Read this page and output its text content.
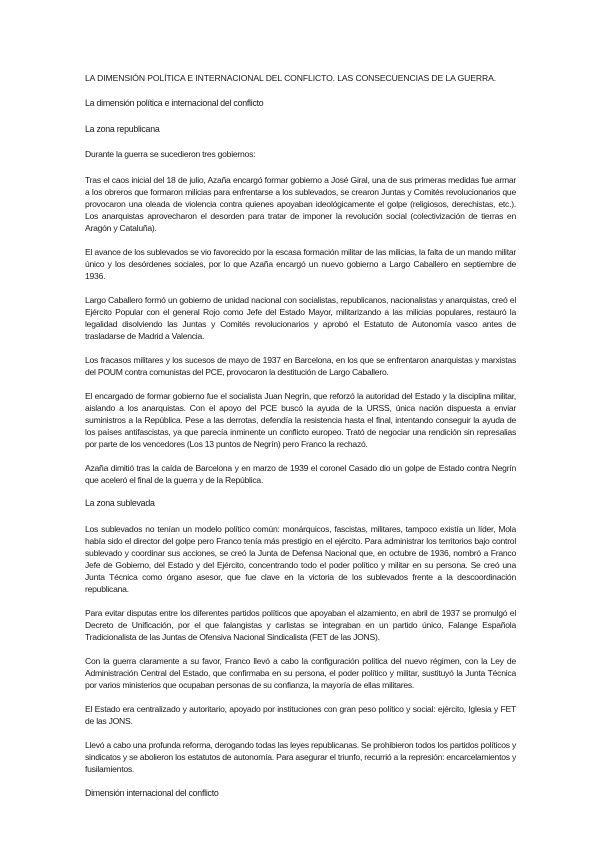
LA DIMENSIÓN POLÍTICA E INTERNACIONAL DEL CONFLICTO. LAS CONSECUENCIAS DE LA GUERRA.
La dimensión política e internacional del conflicto
La zona republicana

Durante la guerra se sucedieron tres gobiernos:

Tras el caos inicial del 18 de julio, Azaña encargó formar gobierno a José Giral, una de sus primeras medidas fue armar a los obreros que formaron milicias para enfrentarse a los sublevados, se crearon Juntas y Comités revolucionarios que provocaron una oleada de violencia contra quienes apoyaban ideológicamente el golpe (religiosos, derechistas, etc.). Los anarquistas aprovecharon el desorden para tratar de imponer la revolución social (colectivización de tierras en Aragón y Cataluña).

El avance de los sublevados se vio favorecido por la escasa formación militar de las milicias, la falta de un mando militar único y los desórdenes sociales, por lo que Azaña encargó un nuevo gobierno a Largo Caballero en septiembre de 1936.

Largo Caballero formó un gobierno de unidad nacional con socialistas, republicanos, nacionalistas y anarquistas, creó el Ejército Popular con el general Rojo como Jefe del Estado Mayor, militarizando a las milicias populares, restauró la legalidad disolviendo las Juntas y Comités revolucionarios y aprobó el Estatuto de Autonomía vasco antes de trasladarse de Madrid a Valencia.

Los fracasos militares y los sucesos de mayo de 1937 en Barcelona, en los que se enfrentaron anarquistas y marxistas del POUM contra comunistas del PCE, provocaron la destitución de Largo Caballero.

El encargado de formar gobierno fue el socialista Juan Negrín, que reforzó la autoridad del Estado y la disciplina militar, aislando a los anarquistas. Con el apoyo del PCE buscó la ayuda de la URSS, única nación dispuesta a enviar suministros a la República. Pese a las derrotas, defendía la resistencia hasta el final, intentando conseguir la ayuda de los países antifascistas, ya que parecía inminente un conflicto europeo. Trató de negociar una rendición sin represalias por parte de los vencedores (Los 13 puntos de Negrín) pero Franco la rechazó.

Azaña dimitió tras la caída de Barcelona y en marzo de 1939 el coronel Casado dio un golpe de Estado contra Negrín que aceleró el final de la guerra y de la República.

La zona sublevada

Los sublevados no tenían un modelo político común: monárquicos, fascistas, militares, tampoco existía un líder, Mola había sido el director del golpe pero Franco tenía más prestigio en el ejército. Para administrar los territorios bajo control sublevado y coordinar sus acciones, se creó la Junta de Defensa Nacional que, en octubre de 1936, nombró a Franco Jefe de Gobierno, del Estado y del Ejército, concentrando todo el poder político y militar en su persona. Se creó una Junta Técnica como órgano asesor, que fue clave en la victoria de los sublevados frente a la descoordinación republicana.

Para evitar disputas entre los diferentes partidos políticos que apoyaban el alzamiento, en abril de 1937 se promulgó el Decreto de Unificación, por el que falangistas y carlistas se integraban en un partido único, Falange Española Tradicionalista de las Juntas de Ofensiva Nacional Sindicalista (FET de las JONS).

Con la guerra claramente a su favor, Franco llevó a cabo la configuración política del nuevo régimen, con la Ley de Administración Central del Estado, que confirmaba en su persona, el poder político y militar, sustituyó la Junta Técnica por varios ministerios que ocupaban personas de su confianza, la mayoría de ellas militares.

El Estado era centralizado y autoritario, apoyado por instituciones con gran peso político y social: ejército, Iglesia y FET de las JONS.

Llevó a cabo una profunda reforma, derogando todas las leyes republicanas. Se prohibieron todos los partidos políticos y sindicatos y se abolieron los estatutos de autonomía. Para asegurar el triunfo, recurrió a la represión: encarcelamientos y fusilamientos.

Dimensión internacional del conflicto
